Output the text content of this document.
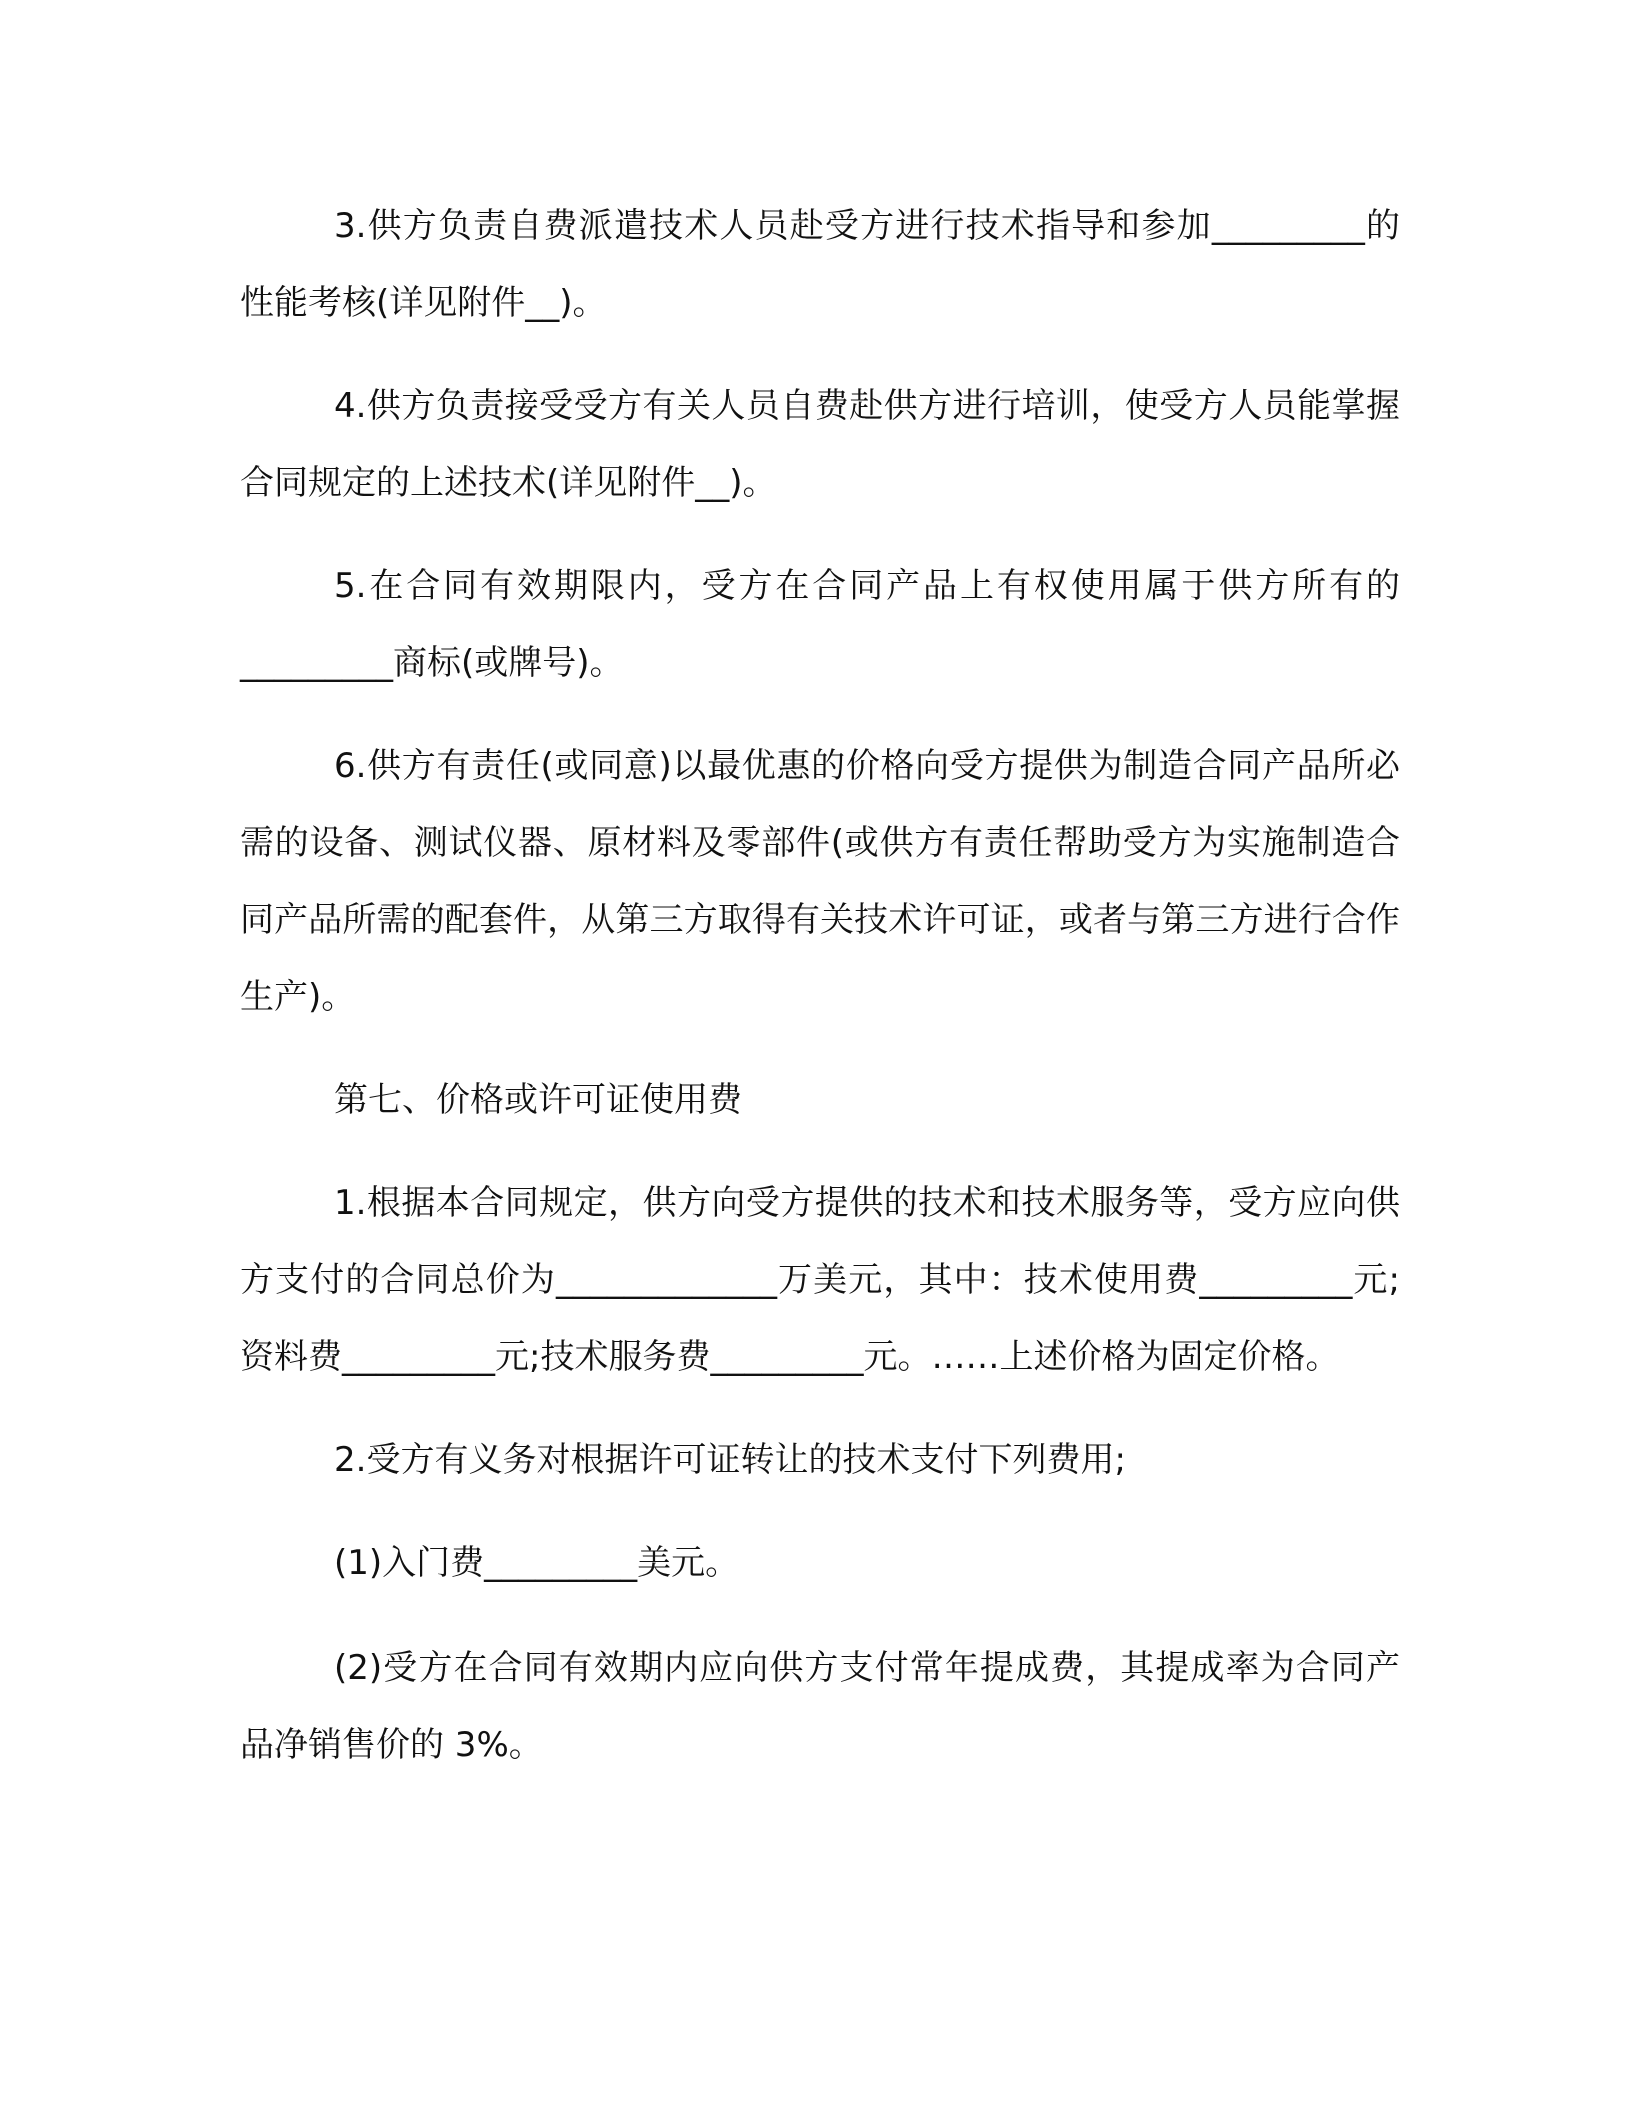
3.供方负责自费派遣技术人员赴受方进行技术指导和参加_________的性能考核(详见附件__)。

4.供方负责接受受方有关人员自费赴供方进行培训，使受方人员能掌握合同规定的上述技术(详见附件__)。

5.在合同有效期限内，受方在合同产品上有权使用属于供方所有的_________商标(或牌号)。

6.供方有责任(或同意)以最优惠的价格向受方提供为制造合同产品所必需的设备、测试仪器、原材料及零部件(或供方有责任帮助受方为实施制造合同产品所需的配套件，从第三方取得有关技术许可证，或者与第三方进行合作生产)。

第七、价格或许可证使用费

1.根据本合同规定，供方向受方提供的技术和技术服务等，受方应向供方支付的合同总价为_____________万美元，其中：技术使用费_________元;资料费_________元;技术服务费_________元。……上述价格为固定价格。

2.受方有义务对根据许可证转让的技术支付下列费用;

(1)入门费_________美元。

(2)受方在合同有效期内应向供方支付常年提成费，其提成率为合同产品净销售价的 3%。
